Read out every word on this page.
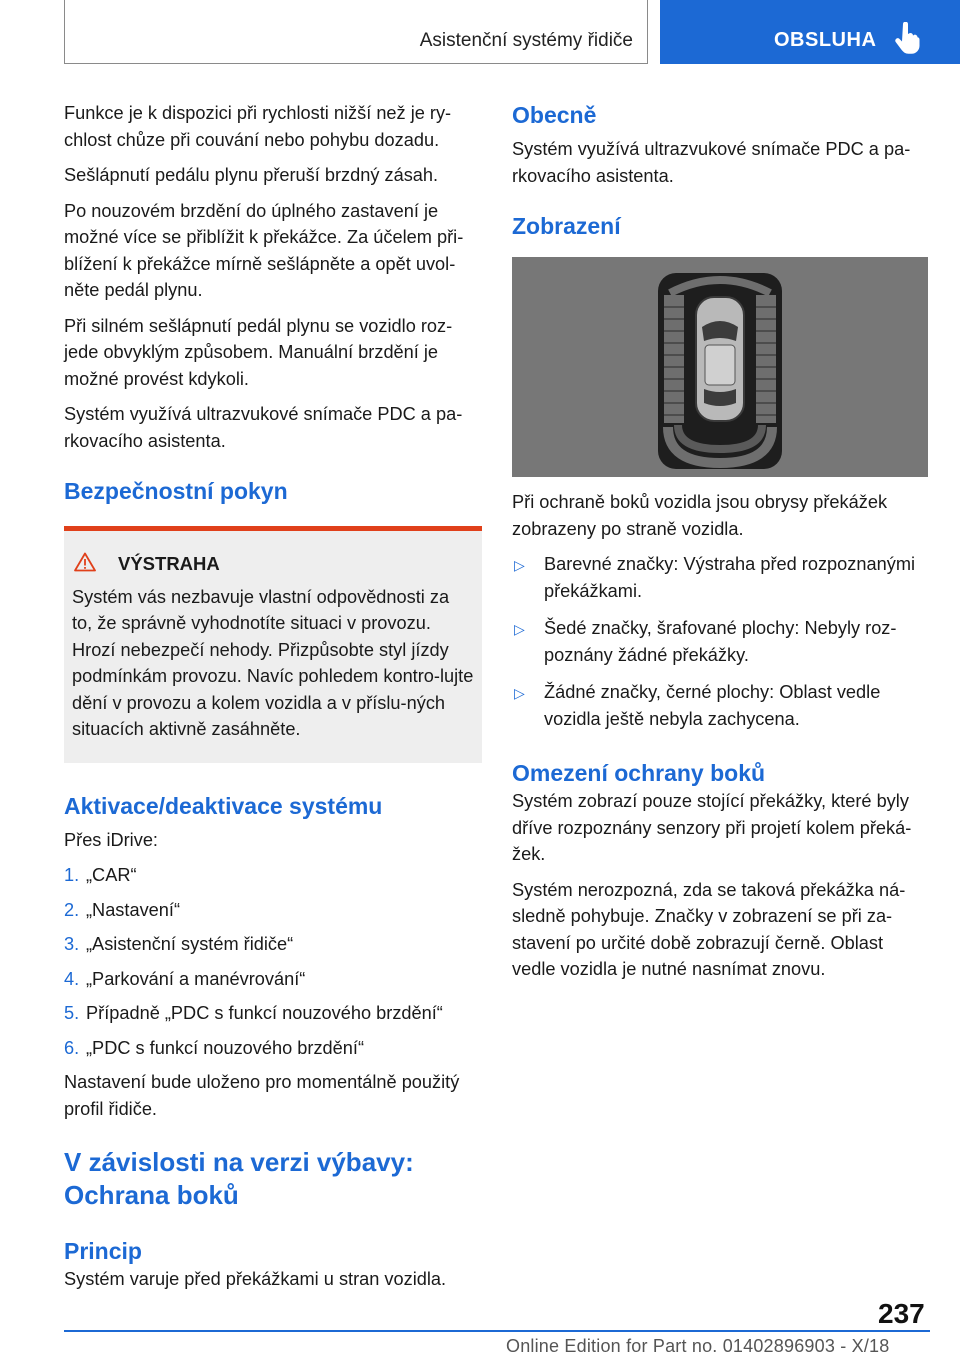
Asistenční systémy řidiče	OBSLUHA

Funkce je k dispozici při rychlosti nižší než je ry-chlost chůze při couvání nebo pohybu dozadu.

Sešlápnutí pedálu plynu přeruší brzdný zásah.

Po nouzovém brzdění do úplného zastavení je možné více se přiblížit k překážce. Za účelem při-blížení k překážce mírně sešlápněte a opět uvol-něte pedál plynu.

Při silném sešlápnutí pedál plynu se vozidlo roz-jede obvyklým způsobem. Manuální brzdění je možné provést kdykoli.

Systém využívá ultrazvukové snímače PDC a pa-rkovacího asistenta.

Bezpečnostní pokyn
VÝSTRAHA

Systém vás nezbavuje vlastní odpovědnosti za to, že správně vyhodnotíte situaci v provozu. Hrozí nebezpečí nehody. Přizpůsobte styl jízdy podmínkám provozu. Navíc pohledem kontro-lujte dění v provozu a kolem vozidla a v příslu-ných situacích aktivně zasáhněte.

Aktivace/deaktivace systému

Přes iDrive:

1. „CAR“
2. „Nastavení“
3. „Asistenční systém řidiče“
4. „Parkování a manévrování“
5. Případně „PDC s funkcí nouzového brzdění“
6. „PDC s funkcí nouzového brzdění“

Nastavení bude uloženo pro momentálně použitý profil řidiče.

V závislosti na verzi výbavy:
Ochrana boků
Princip

Systém varuje před překážkami u stran vozidla.

Obecně

Systém využívá ultrazvukové snímače PDC a pa-rkovacího asistenta.

Zobrazení

Při ochraně boků vozidla jsou obrysy překážek zobrazeny po straně vozidla.

▷	Barevné značky: Výstraha před rozpoznanými překážkami.
▷	Šedé značky, šrafované plochy: Nebyly roz-poznány žádné překážky.
▷	Žádné značky, černé plochy: Oblast vedle vozidla ještě nebyla zachycena.
Omezení ochrany boků

Systém zobrazí pouze stojící překážky, které byly dříve rozpoznány senzory při projetí kolem překá-žek.

Systém nerozpozná, zda se taková překážka ná-sledně pohybuje. Značky v zobrazení se při za-stavení po určité době zobrazují černě. Oblast vedle vozidla je nutné nasnímat znovu.

237
Online Edition for Part no. 01402896903 - X/18
